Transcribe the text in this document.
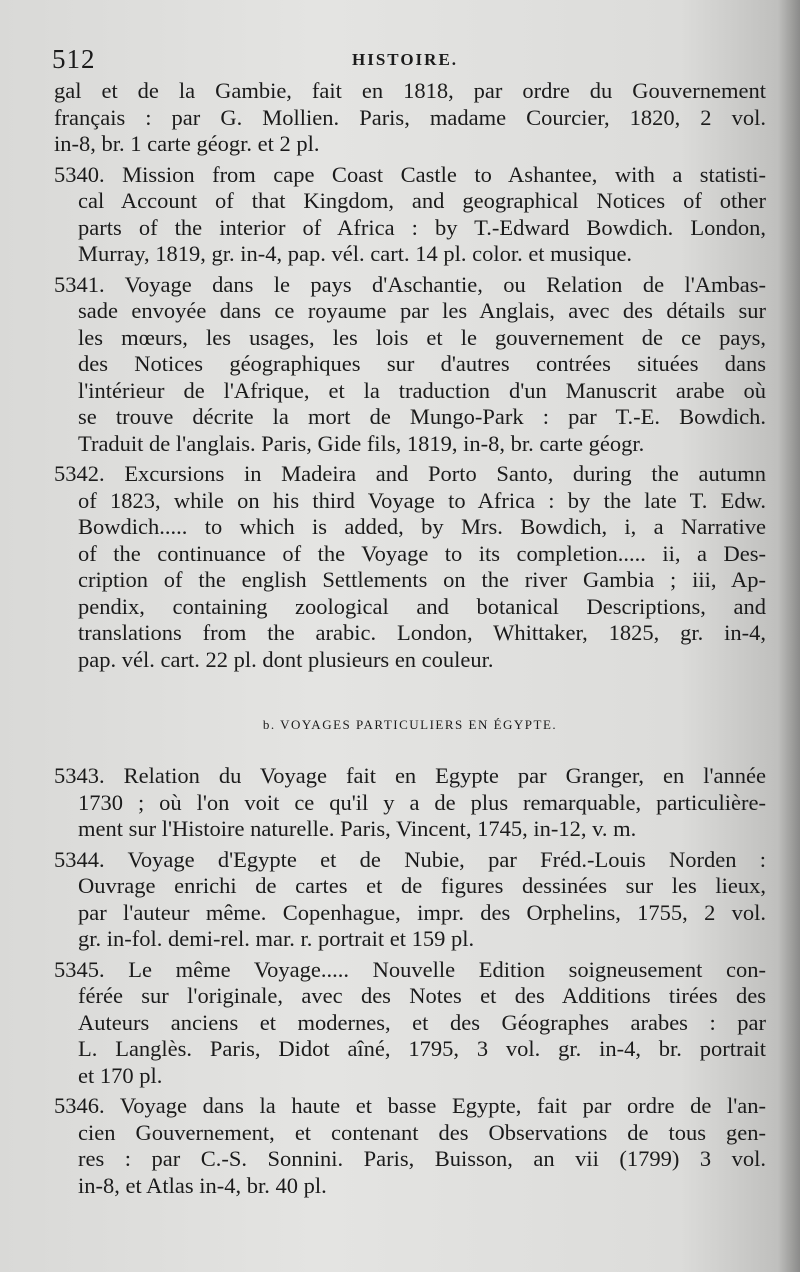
512	HISTOIRE.
gal et de la Gambie, fait en 1818, par ordre du Gouvernement
français : par G. Mollien. Paris, madame Courcier, 1820, 2 vol.
in-8, br. 1 carte géogr. et 2 pl.
5340. Mission from cape Coast Castle to Ashantee, with a statisti-
cal Account of that Kingdom, and geographical Notices of other
parts of the interior of Africa : by T.-Edward Bowdich. London,
Murray, 1819, gr. in-4, pap. vél. cart. 14 pl. color. et musique.
5341. Voyage dans le pays d'Aschantie, ou Relation de l'Ambas-
sade envoyée dans ce royaume par les Anglais, avec des détails sur
les mœurs, les usages, les lois et le gouvernement de ce pays,
des Notices géographiques sur d'autres contrées situées dans
l'intérieur de l'Afrique, et la traduction d'un Manuscrit arabe où
se trouve décrite la mort de Mungo-Park : par T.-E. Bowdich.
Traduit de l'anglais. Paris, Gide fils, 1819, in-8, br. carte géogr.
5342. Excursions in Madeira and Porto Santo, during the autumn
of 1823, while on his third Voyage to Africa : by the late T. Edw.
Bowdich..... to which is added, by Mrs. Bowdich, i, a Narrative
of the continuance of the Voyage to its completion..... ii, a Des-
cription of the english Settlements on the river Gambia ; iii, Ap-
pendix, containing zoological and botanical Descriptions, and
translations from the arabic. London, Whittaker, 1825, gr. in-4,
pap. vél. cart. 22 pl. dont plusieurs en couleur.
b. VOYAGES PARTICULIERS EN ÉGYPTE.
5343. Relation du Voyage fait en Egypte par Granger, en l'année
1730 ; où l'on voit ce qu'il y a de plus remarquable, particulière-
ment sur l'Histoire naturelle. Paris, Vincent, 1745, in-12, v. m.
5344. Voyage d'Egypte et de Nubie, par Fréd.-Louis Norden :
Ouvrage enrichi de cartes et de figures dessinées sur les lieux,
par l'auteur même. Copenhague, impr. des Orphelins, 1755, 2 vol.
gr. in-fol. demi-rel. mar. r. portrait et 159 pl.
5345. Le même Voyage..... Nouvelle Edition soigneusement con-
férée sur l'originale, avec des Notes et des Additions tirées des
Auteurs anciens et modernes, et des Géographes arabes : par
L. Langlès. Paris, Didot aîné, 1795, 3 vol. gr. in-4, br. portrait
et 170 pl.
5346. Voyage dans la haute et basse Egypte, fait par ordre de l'an-
cien Gouvernement, et contenant des Observations de tous gen-
res : par C.-S. Sonnini. Paris, Buisson, an vii (1799) 3 vol.
in-8, et Atlas in-4, br. 40 pl.
